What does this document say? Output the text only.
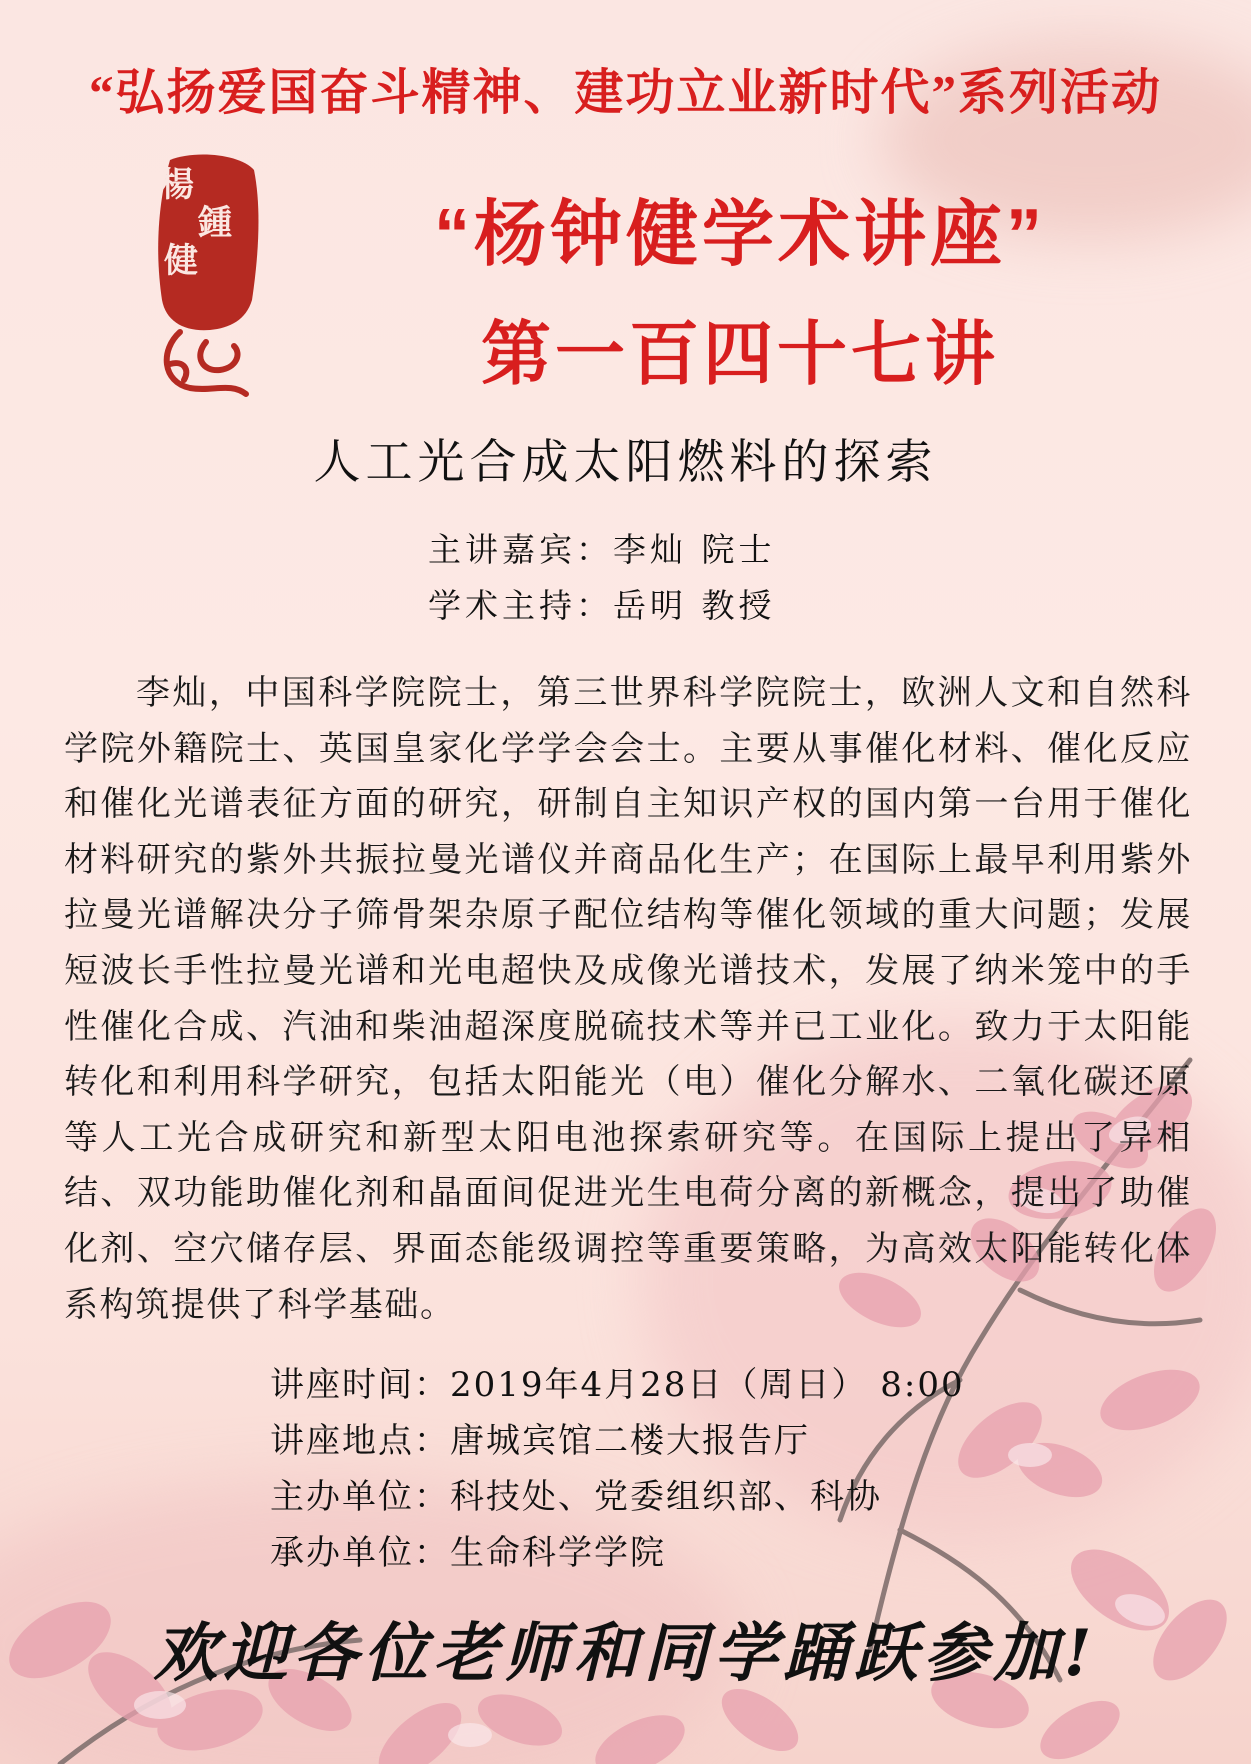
“弘扬爱国奋斗精神、建功立业新时代”系列活动
楊
鍾
健	“杨钟健学术讲座”
第一百四十七讲
人工光合成太阳燃料的探索
主讲嘉宾：李灿 院士
学术主持：岳明 教授

李灿，中国科学院院士，第三世界科学院院士，欧洲人文和自然科学院外籍院士、英国皇家化学学会会士。主要从事催化材料、催化反应和催化光谱表征方面的研究，研制自主知识产权的国内第一台用于催化材料研究的紫外共振拉曼光谱仪并商品化生产；在国际上最早利用紫外拉曼光谱解决分子筛骨架杂原子配位结构等催化领域的重大问题；发展短波长手性拉曼光谱和光电超快及成像光谱技术，发展了纳米笼中的手性催化合成、汽油和柴油超深度脱硫技术等并已工业化。致力于太阳能转化和利用科学研究，包括太阳能光（电）催化分解水、二氧化碳还原等人工光合成研究和新型太阳电池探索研究等。在国际上提出了异相结、双功能助催化剂和晶面间促进光生电荷分离的新概念，提出了助催化剂、空穴储存层、界面态能级调控等重要策略，为高效太阳能转化体系构筑提供了科学基础。

讲座时间：2019年4月28日（周日） 8:00
讲座地点：唐城宾馆二楼大报告厅
主办单位：科技处、党委组织部、科协
承办单位：生命科学学院
欢迎各位老师和同学踊跃参加!
